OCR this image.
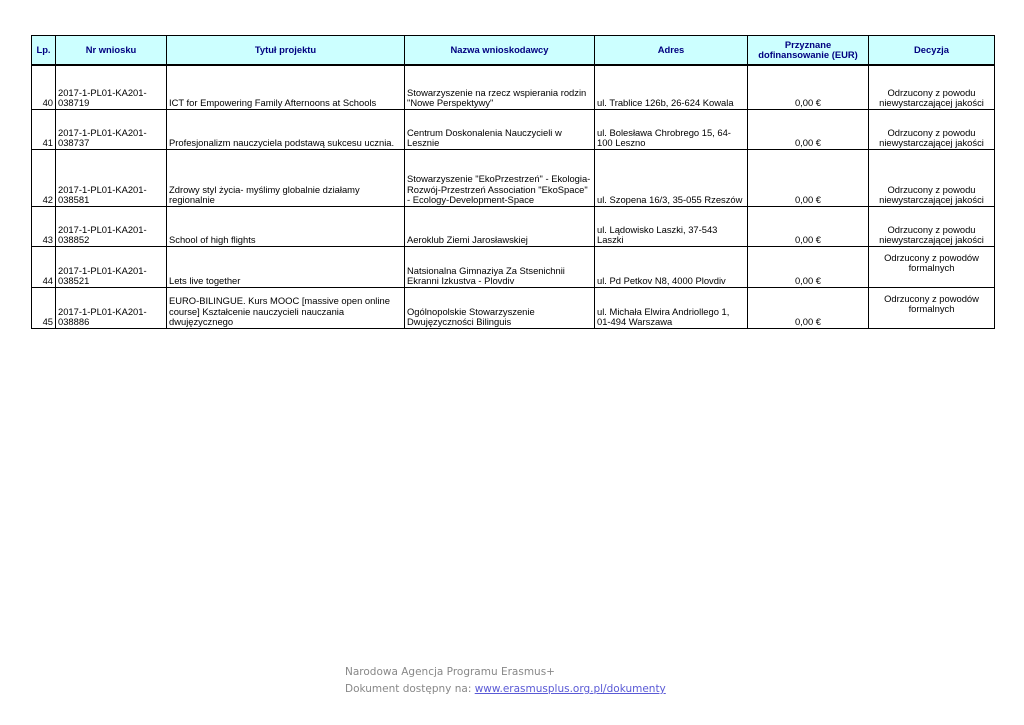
Lp.	Nr wniosku	Tytuł projektu	Nazwa wnioskodawcy	Adres	Przyznane dofinansowanie (EUR)	Decyzja
40	2017-1-PL01-KA201-038719	ICT for Empowering Family Afternoons at Schools	Stowarzyszenie na rzecz wspierania rodzin "Nowe Perspektywy"	ul. Trablice 126b, 26-624 Kowala	0,00 €	Odrzucony z powodu niewystarczającej jakości
41	2017-1-PL01-KA201-038737	Profesjonalizm nauczyciela podstawą sukcesu ucznia.	Centrum Doskonalenia Nauczycieli w Lesznie	ul. Bolesława Chrobrego 15, 64-100 Leszno	0,00 €	Odrzucony z powodu niewystarczającej jakości
42	2017-1-PL01-KA201-038581	Zdrowy styl życia- myślimy globalnie działamy regionalnie	Stowarzyszenie "EkoPrzestrzeń" - Ekologia-Rozwój-Przestrzeń Association "EkoSpace" - Ecology-Development-Space	ul. Szopena 16/3, 35-055 Rzeszów	0,00 €	Odrzucony z powodu niewystarczającej jakości
43	2017-1-PL01-KA201-038852	School of high flights	Aeroklub Ziemi Jarosławskiej	ul. Lądowisko Laszki, 37-543 Laszki	0,00 €	Odrzucony z powodu niewystarczającej jakości
44	2017-1-PL01-KA201-038521	Lets live together	Natsionalna Gimnaziya Za Stsenichnii Ekranni Izkustva - Plovdiv	ul. Pd Petkov N8, 4000 Plovdiv	0,00 €	Odrzucony z powodów formalnych
45	2017-1-PL01-KA201-038886	EURO-BILINGUE. Kurs MOOC [massive open online course] Kształcenie nauczycieli nauczania dwujęzycznego	Ogólnopolskie Stowarzyszenie Dwujęzyczności Bilinguis	ul. Michała Elwira Andriollego 1, 01-494 Warszawa	0,00 €	Odrzucony z powodów formalnych
Narodowa Agencja Programu Erasmus+
Dokument dostępny na: www.erasmusplus.org.pl/dokumenty
